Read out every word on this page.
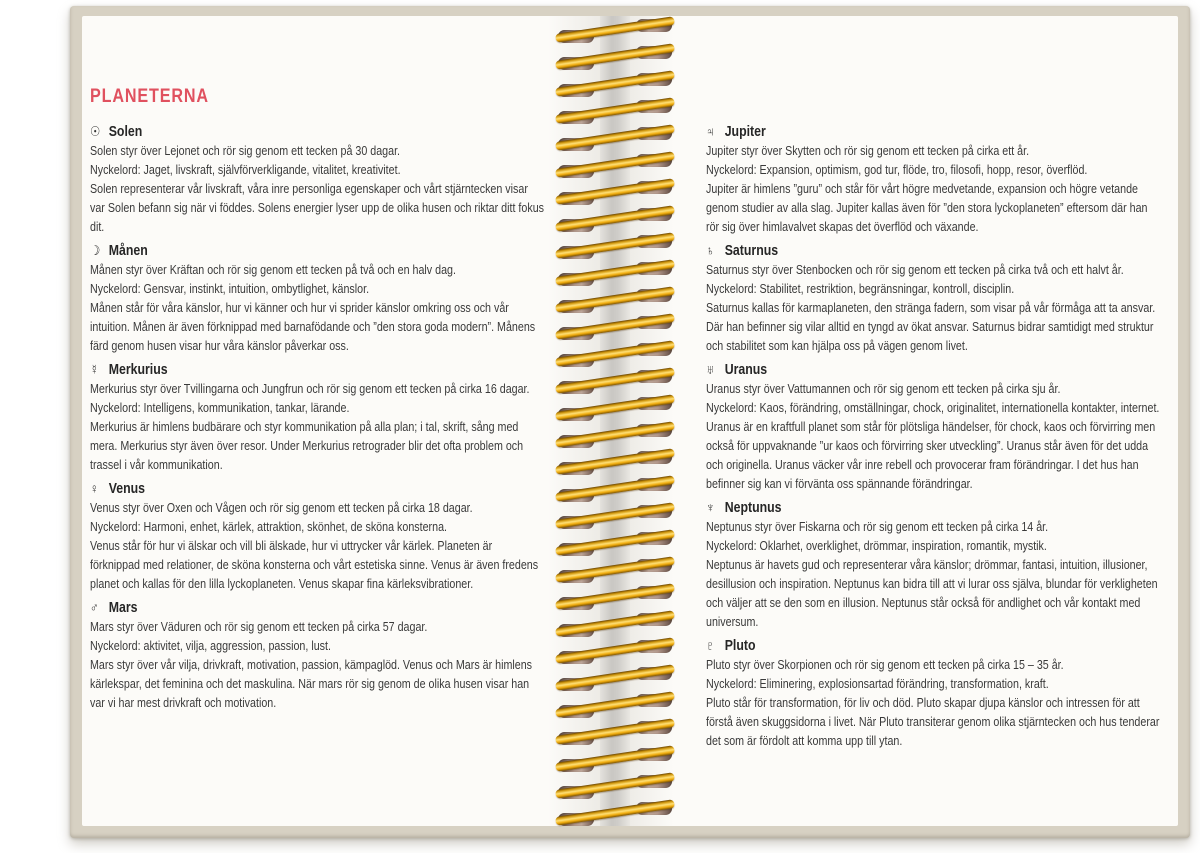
PLANETERNA
☉ Solen

Solen styr över Lejonet och rör sig genom ett tecken på 30 dagar.

Nyckelord: Jaget, livskraft, självförverkligande, vitalitet, kreativitet.

Solen representerar vår livskraft, våra inre personliga egenskaper och vårt stjärntecken visar var Solen befann sig när vi föddes. Solens energier lyser upp de olika husen och riktar ditt fokus dit.

☽ Månen

Månen styr över Kräftan och rör sig genom ett tecken på två och en halv dag.

Nyckelord: Gensvar, instinkt, intuition, ombytlighet, känslor.

Månen står för våra känslor, hur vi känner och hur vi sprider känslor omkring oss och vår intuition. Månen är även förknippad med barnafödande och ”den stora goda modern”. Månens färd genom husen visar hur våra känslor påverkar oss.

☿ Merkurius

Merkurius styr över Tvillingarna och Jungfrun och rör sig genom ett tecken på cirka 16 dagar.

Nyckelord: Intelligens, kommunikation, tankar, lärande.

Merkurius är himlens budbärare och styr kommunikation på alla plan; i tal, skrift, sång med mera. Merkurius styr även över resor. Under Merkurius retrograder blir det ofta problem och trassel i vår kommunikation.

♀ Venus

Venus styr över Oxen och Vågen och rör sig genom ett tecken på cirka 18 dagar.

Nyckelord: Harmoni, enhet, kärlek, attraktion, skönhet, de sköna konsterna.

Venus står för hur vi älskar och vill bli älskade, hur vi uttrycker vår kärlek. Planeten är förknippad med relationer, de sköna konsterna och vårt estetiska sinne. Venus är även fredens planet och kallas för den lilla lyckoplaneten. Venus skapar fina kärleksvibrationer.

♂ Mars

Mars styr över Väduren och rör sig genom ett tecken på cirka 57 dagar.

Nyckelord: aktivitet, vilja, aggression, passion, lust.

Mars styr över vår vilja, drivkraft, motivation, passion, kämpaglöd. Venus och Mars är himlens kärlekspar, det feminina och det maskulina. När mars rör sig genom de olika husen visar han var vi har mest drivkraft och motivation.

♃ Jupiter

Jupiter styr över Skytten och rör sig genom ett tecken på cirka ett år.

Nyckelord: Expansion, optimism, god tur, flöde, tro, filosofi, hopp, resor, överflöd.

Jupiter är himlens ”guru” och står för vårt högre medvetande, expansion och högre vetande genom studier av alla slag. Jupiter kallas även för ”den stora lyckoplaneten” eftersom där han rör sig över himlavalvet skapas det överflöd och växande.

♄ Saturnus

Saturnus styr över Stenbocken och rör sig genom ett tecken på cirka två och ett halvt år.

Nyckelord: Stabilitet, restriktion, begränsningar, kontroll, disciplin.

Saturnus kallas för karmaplaneten, den stränga fadern, som visar på vår förmåga att ta ansvar. Där han befinner sig vilar alltid en tyngd av ökat ansvar. Saturnus bidrar samtidigt med struktur och stabilitet som kan hjälpa oss på vägen genom livet.

♅ Uranus

Uranus styr över Vattumannen och rör sig genom ett tecken på cirka sju år.

Nyckelord: Kaos, förändring, omställningar, chock, originalitet, internationella kontakter, internet.

Uranus är en kraftfull planet som står för plötsliga händelser, för chock, kaos och förvirring men också för uppvaknande ”ur kaos och förvirring sker utveckling”. Uranus står även för det udda och originella. Uranus väcker vår inre rebell och provocerar fram förändringar. I det hus han befinner sig kan vi förvänta oss spännande förändringar.

♆ Neptunus

Neptunus styr över Fiskarna och rör sig genom ett tecken på cirka 14 år.

Nyckelord: Oklarhet, overklighet, drömmar, inspiration, romantik, mystik.

Neptunus är havets gud och representerar våra känslor; drömmar, fantasi, intuition, illusioner, desillusion och inspiration. Neptunus kan bidra till att vi lurar oss själva, blundar för verkligheten och väljer att se den som en illusion. Neptunus står också för andlighet och vår kontakt med universum.

♇ Pluto

Pluto styr över Skorpionen och rör sig genom ett tecken på cirka 15 – 35 år.

Nyckelord: Eliminering, explosionsartad förändring, transformation, kraft.

Pluto står för transformation, för liv och död. Pluto skapar djupa känslor och intressen för att förstå även skuggsidorna i livet. När Pluto transiterar genom olika stjärntecken och hus tenderar det som är fördolt att komma upp till ytan.
